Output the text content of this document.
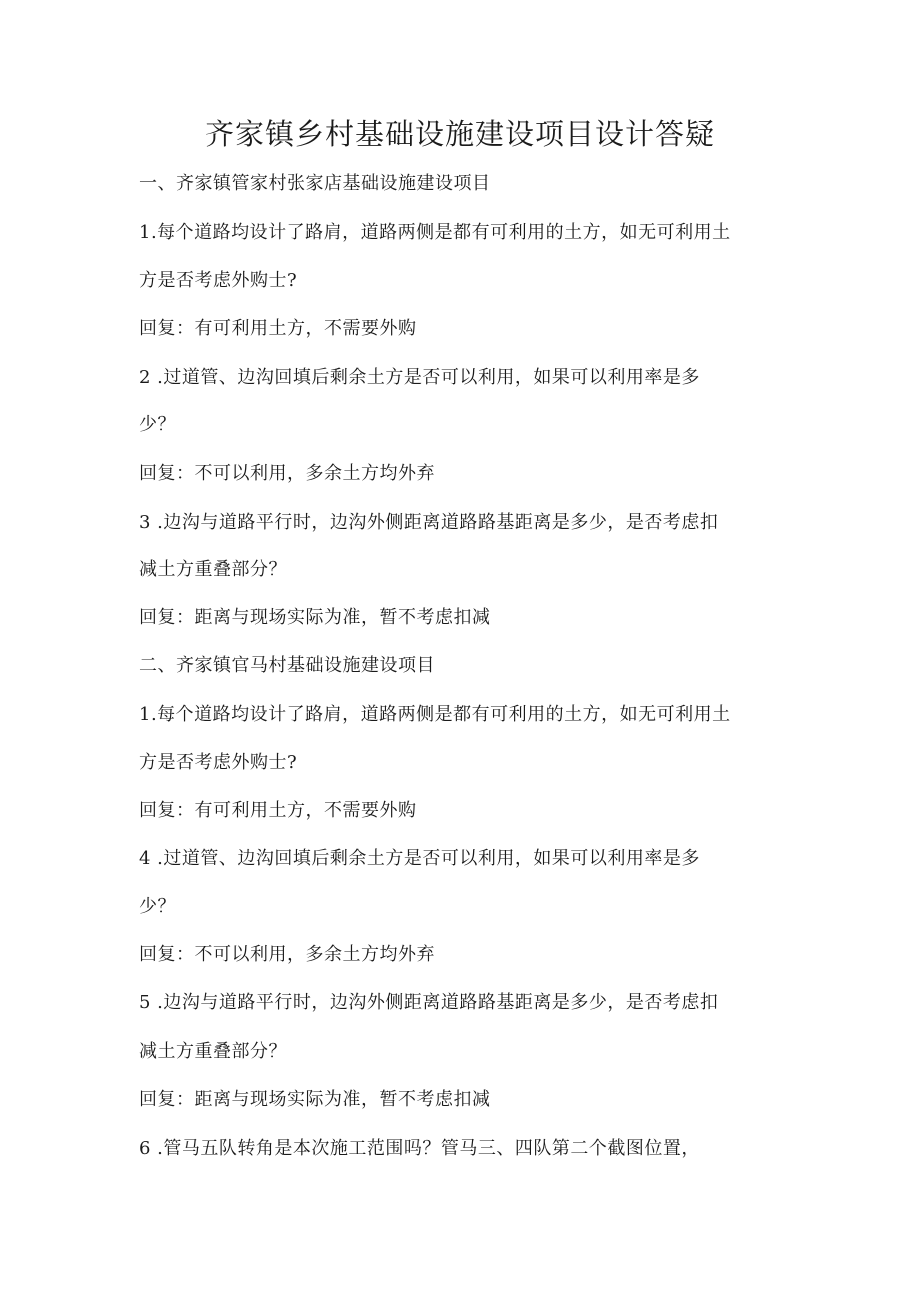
齐家镇乡村基础设施建设项目设计答疑
一、齐家镇管家村张家店基础设施建设项目
1.每个道路均设计了路肩，道路两侧是都有可利用的土方，如无可利用土
方是否考虑外购士?
回复：有可利用土方，不需要外购
2 .过道管、边沟回填后剩余土方是否可以利用，如果可以利用率是多
少？
回复：不可以利用，多余土方均外弃
3 .边沟与道路平行时，边沟外侧距离道路路基距离是多少，是否考虑扣
减土方重叠部分？
回复：距离与现场实际为准，暂不考虑扣减
二、齐家镇官马村基础设施建设项目
1.每个道路均设计了路肩，道路两侧是都有可利用的土方，如无可利用土
方是否考虑外购士?
回复：有可利用土方，不需要外购
4 .过道管、边沟回填后剩余土方是否可以利用，如果可以利用率是多
少？
回复：不可以利用，多余土方均外弃
5 .边沟与道路平行时，边沟外侧距离道路路基距离是多少，是否考虑扣
减土方重叠部分？
回复：距离与现场实际为准，暂不考虑扣减
6 .管马五队转角是本次施工范围吗？管马三、四队第二个截图位置，
